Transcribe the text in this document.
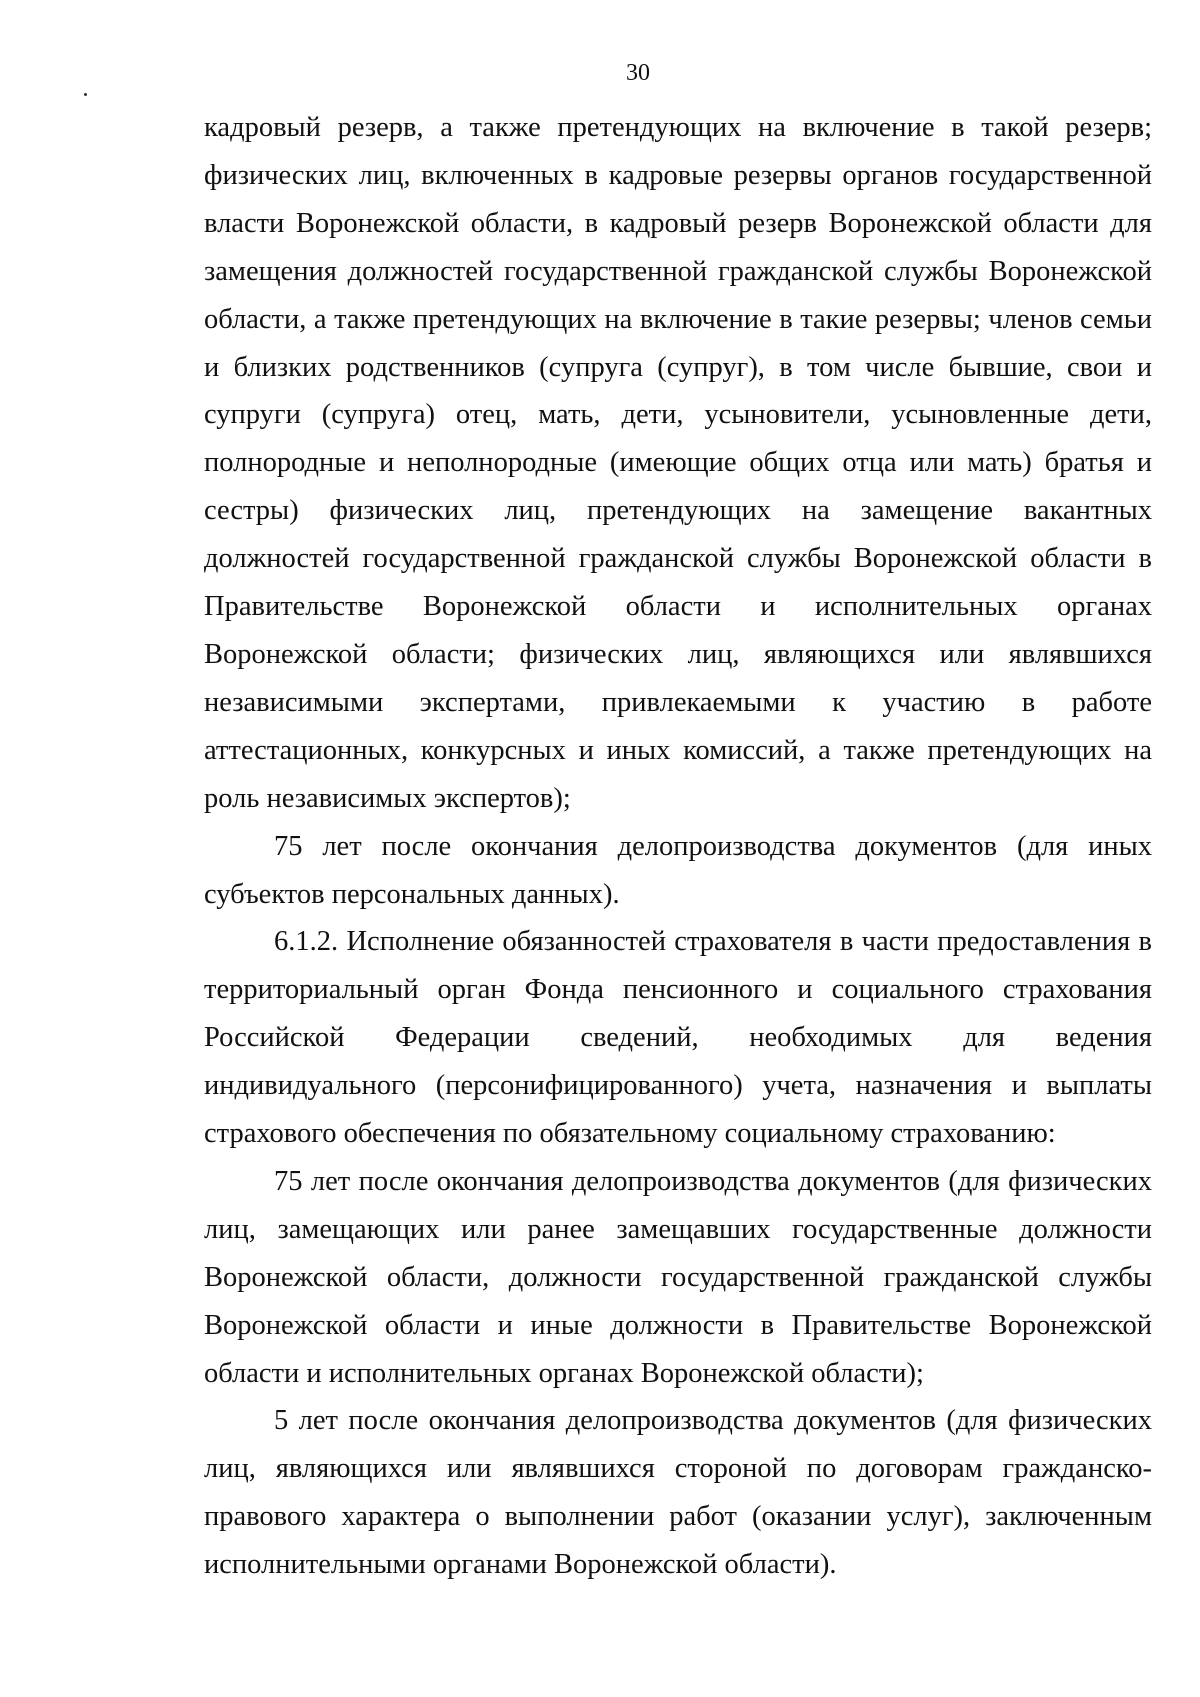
30

кадровый резерв, а также претендующих на включение в такой резерв; физических лиц, включенных в кадровые резервы органов государственной власти Воронежской области, в кадровый резерв Воронежской области для замещения должностей государственной гражданской службы Воронежской области, а также претендующих на включение в такие резервы; членов семьи и близких родственников (супруга (супруг), в том числе бывшие, свои и супруги (супруга) отец, мать, дети, усыновители, усыновленные дети, полнородные и неполнородные (имеющие общих отца или мать) братья и сестры) физических лиц, претендующих на замещение вакантных должностей государственной гражданской службы Воронежской области в Правительстве Воронежской области и исполнительных органах Воронежской области; физических лиц, являющихся или являвшихся независимыми экспертами, привлекаемыми к участию в работе аттестационных, конкурсных и иных комиссий, а также претендующих на роль независимых экспертов);

75 лет после окончания делопроизводства документов (для иных субъектов персональных данных).

6.1.2. Исполнение обязанностей страхователя в части предоставления в территориальный орган Фонда пенсионного и социального страхования Российской Федерации сведений, необходимых для ведения индивидуального (персонифицированного) учета, назначения и выплаты страхового обеспечения по обязательному социальному страхованию:

75 лет после окончания делопроизводства документов (для физических лиц, замещающих или ранее замещавших государственные должности Воронежской области, должности государственной гражданской службы Воронежской области и иные должности в Правительстве Воронежской области и исполнительных органах Воронежской области);

5 лет после окончания делопроизводства документов (для физических лиц, являющихся или являвшихся стороной по договорам гражданско-правового характера о выполнении работ (оказании услуг), заключенным исполнительными органами Воронежской области).
